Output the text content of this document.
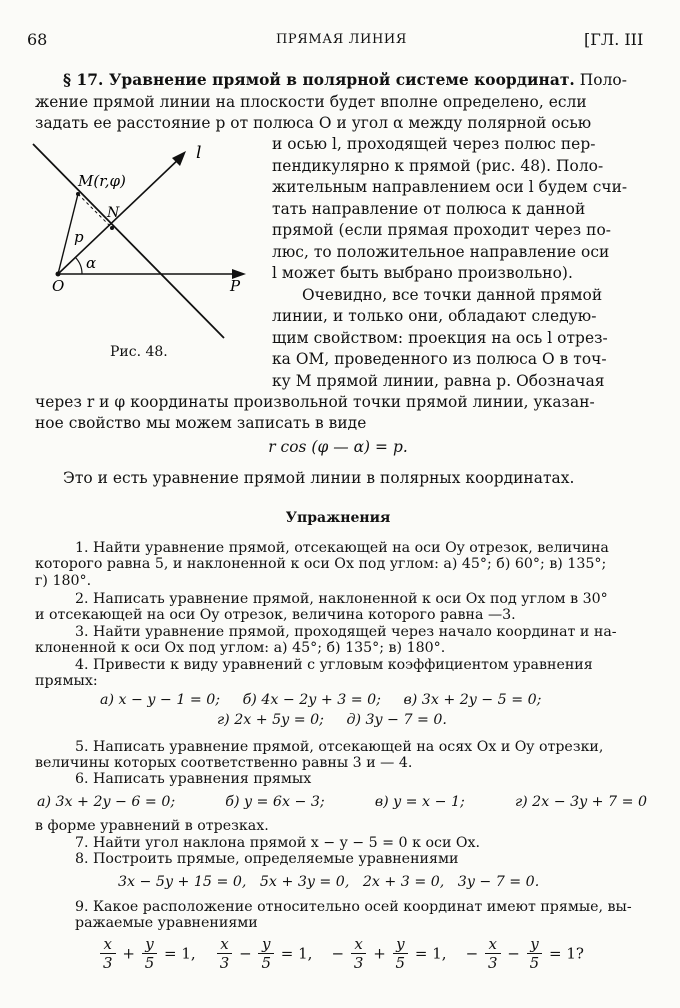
68	ПРЯМАЯ ЛИНИЯ	[ГЛ. III
§ 17. Уравнение прямой в полярной системе координат. Поло-
жение прямой линии на плоскости будет вполне определено, если
задать ее расстояние p от полюса O и угол α между полярной осью
M(r,φ)
N
l
p
α
O	P
Рис. 48.
и осью l, проходящей через полюс пер-
пендикулярно к прямой (рис. 48). Поло-
жительным направлением оси l будем счи-
тать направление от полюса к данной
прямой (если прямая проходит через по-
люс, то положительное направление оси
l может быть выбрано произвольно).
Очевидно, все точки данной прямой
линии, и только они, обладают следую-
щим свойством: проекция на ось l отрез-
ка OM, проведенного из полюса O в точ-
ку M прямой линии, равна p. Обозначая
через r и φ координаты произвольной точки прямой линии, указан-
ное свойство мы можем записать в виде
r cos (φ — α) = p.
Это и есть уравнение прямой линии в полярных координатах.
Упражнения
1. Найти уравнение прямой, отсекающей на оси Oy отрезок, величина
которого равна 5, и наклоненной к оси Ox под углом: а) 45°; б) 60°; в) 135°;
г) 180°.
2. Написать уравнение прямой, наклоненной к оси Ox под углом в 30°
и отсекающей на оси Oy отрезок, величина которого равна —3.
3. Найти уравнение прямой, проходящей через начало координат и на-
клоненной к оси Ox под углом: а) 45°; б) 135°; в) 180°.
4. Привести к виду уравнений с угловым коэффициентом уравнения
прямых:
а) x − y − 1 = 0;     б) 4x − 2y + 3 = 0;     в) 3x + 2y − 5 = 0;
г) 2x + 5y = 0;     д) 3y − 7 = 0.
5. Написать уравнение прямой, отсекающей на осях Ox и Oy отрезки,
величины которых соответственно равны 3 и — 4.
6. Написать уравнения прямых
а) 3x + 2y − 6 = 0;	б) y = 6x − 3;	в) y = x − 1;	г) 2x − 3y + 7 = 0
в форме уравнений в отрезках.
7. Найти угол наклона прямой x − y − 5 = 0 к оси Ox.
8. Построить прямые, определяемые уравнениями
3x − 5y + 15 = 0,   5x + 3y = 0,   2x + 3 = 0,   3y − 7 = 0.
9. Какое расположение относительно осей координат имеют прямые, вы-
ражаемые уравнениями
$\frac{x}{3} + \frac{y}{5} = 1$, $\frac{x}{3} - \frac{y}{5} = 1$, − $\frac{x}{3} + \frac{y}{5} = 1$, − $\frac{x}{3} - \frac{y}{5} = 1$?
